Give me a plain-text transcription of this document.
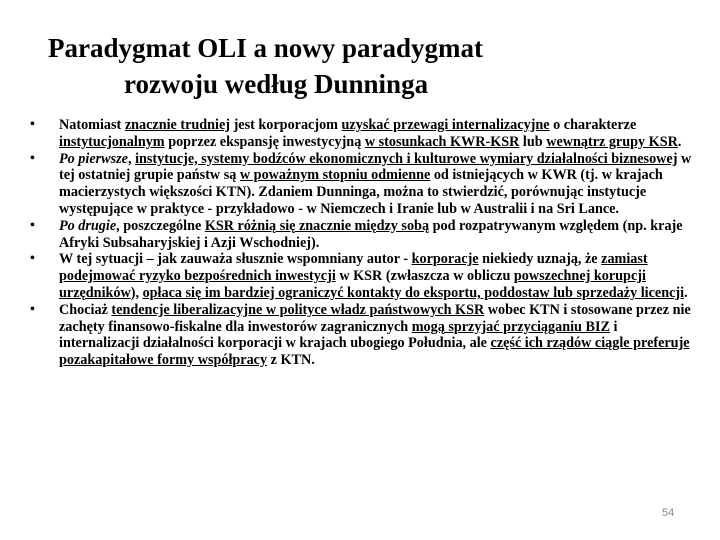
Paradygmat OLI a nowy paradygmat
rozwoju według Dunninga
• Natomiast znacznie trudniej jest korporacjom uzyskać przewagi internalizacyjne o charakterze instytucjonalnym poprzez ekspansję inwestycyjną w stosunkach KWR-KSR lub wewnątrz grupy KSR.
• Po pierwsze, instytucje, systemy bodźców ekonomicznych i kulturowe wymiary działalności biznesowej w tej ostatniej grupie państw są w poważnym stopniu odmienne od istniejących w KWR (tj. w krajach macierzystych większości KTN). Zdaniem Dunninga, można to stwierdzić, porównując instytucje występujące w praktyce - przykładowo - w Niemczech i Iranie lub w Australii i na Sri Lance.
• Po drugie, poszczególne KSR różnią się znacznie między sobą pod rozpatrywanym względem (np. kraje Afryki Subsaharyjskiej i Azji Wschodniej).
• W tej sytuacji – jak zauważa słusznie wspomniany autor - korporacje niekiedy uznają, że zamiast podejmować ryzyko bezpośrednich inwestycji w KSR (zwłaszcza w obliczu powszechnej korupcji urzędników), opłaca się im bardziej ograniczyć kontakty do eksportu, poddostaw lub sprzedaży licencji.
• Chociaż tendencje liberalizacyjne w polityce władz państwowych KSR wobec KTN i stosowane przez nie zachęty finansowo-fiskalne dla inwestorów zagranicznych mogą sprzyjać przyciąganiu BIZ i internalizacji działalności korporacji w krajach ubogiego Południa, ale część ich rządów ciągle preferuje pozakapitałowe formy współpracy z KTN.
54
